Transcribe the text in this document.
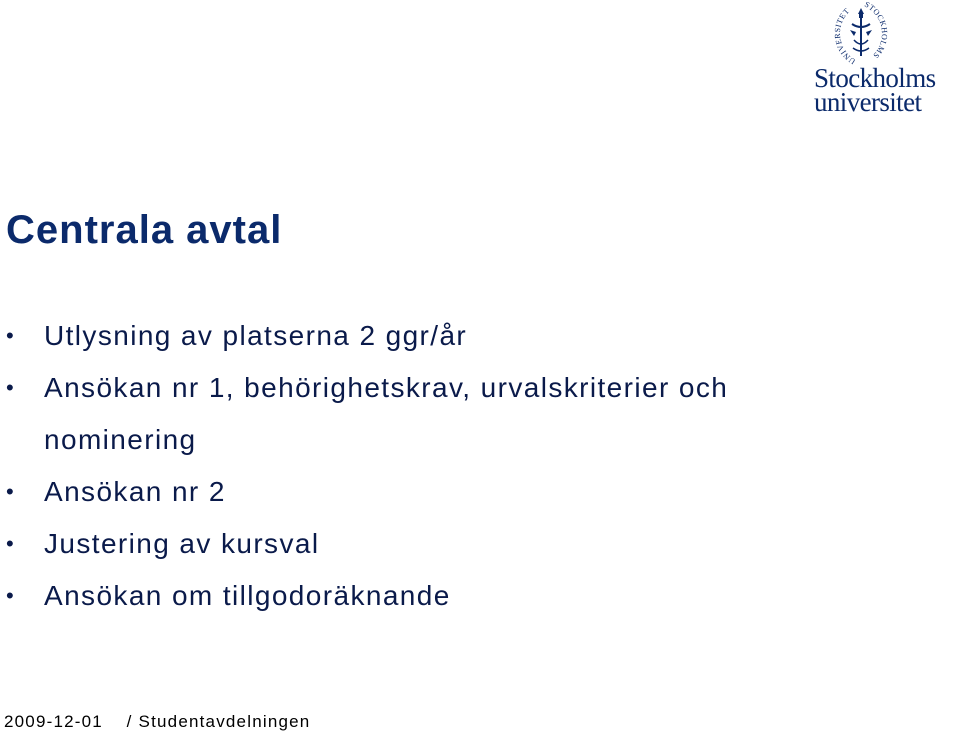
UNIVERSITET
STOCKHOLMS
Stockholms
universitet
Centrala avtal
• Utlysning av platserna 2 ggr/år
• Ansökan nr 1, behörighetskrav, urvalskriterier och nominering
• Ansökan nr 2
• Justering av kursval
• Ansökan om tillgodoräknande
2009-12-01 / Studentavdelningen
